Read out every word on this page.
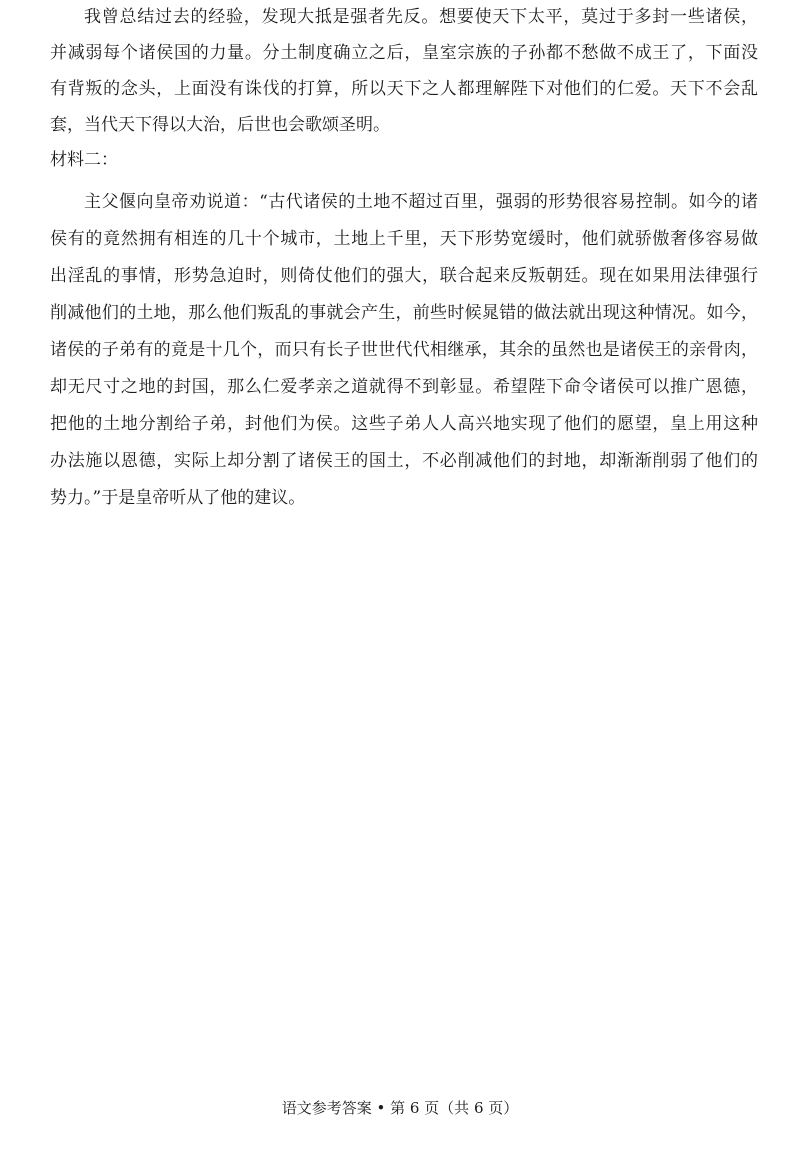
我曾总结过去的经验，发现大抵是强者先反。想要使天下太平，莫过于多封一些诸侯，
并减弱每个诸侯国的力量。分土制度确立之后，皇室宗族的子孙都不愁做不成王了，下面没
有背叛的念头，上面没有诛伐的打算，所以天下之人都理解陛下对他们的仁爱。天下不会乱
套，当代天下得以大治，后世也会歌颂圣明。
材料二：
主父偃向皇帝劝说道：“古代诸侯的土地不超过百里，强弱的形势很容易控制。如今的诸
侯有的竟然拥有相连的几十个城市，土地上千里，天下形势宽缓时，他们就骄傲奢侈容易做
出淫乱的事情，形势急迫时，则倚仗他们的强大，联合起来反叛朝廷。现在如果用法律强行
削减他们的土地，那么他们叛乱的事就会产生，前些时候晁错的做法就出现这种情况。如今，
诸侯的子弟有的竟是十几个，而只有长子世世代代相继承，其余的虽然也是诸侯王的亲骨肉，
却无尺寸之地的封国，那么仁爱孝亲之道就得不到彰显。希望陛下命令诸侯可以推广恩德，
把他的土地分割给子弟，封他们为侯。这些子弟人人高兴地实现了他们的愿望，皇上用这种
办法施以恩德，实际上却分割了诸侯王的国土，不必削减他们的封地，却渐渐削弱了他们的
势力。”于是皇帝听从了他的建议。
语文参考答案 • 第 6 页（共 6 页）
